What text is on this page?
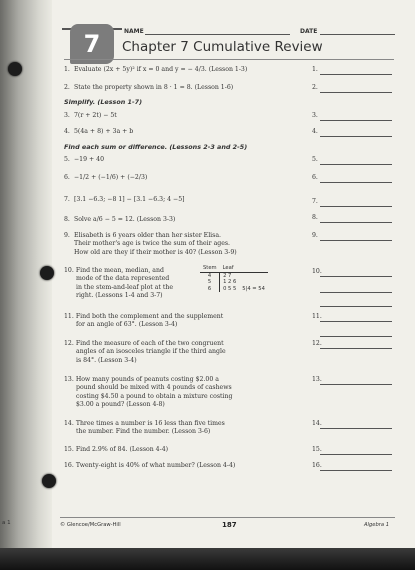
7	NAME	DATE
Chapter 7 Cumulative Review
1. Evaluate (2x + 5y)² if x = 0 and y = − 4/3. (Lesson 1-3)	1.
2. State the property shown in 8 · 1 = 8. (Lesson 1-6)	2.
Simplify. (Lesson 1-7)
3. 7(r + 2t) − 5t	3.
4. 5(4a + 8) + 3a + b	4.
Find each sum or difference. (Lessons 2-3 and 2-5)
5. −19 + 40	5.
6. −1/2 + (−1/6) + (−2/3)	6.
7. [3.1 −6.3; −8 1] − [3.1 −6.3; 4 −5]	7.
8. Solve a/6 − 5 = 12. (Lesson 3-3)	8.
9. Elisabeth is 6 years older than her sister Elisa.
Their mother's age is twice the sum of their ages.
How old are they if their mother is 40? (Lesson 3-9)
9.
10. Find the mean, median, and
mode of the data represented
in the stem-and-leaf plot at the
right. (Lessons 1-4 and 3-7)
Stem	Leaf	
4	2 7	
5	1 2 6	
6	0 5 5	5|4 = 54
10.
11. Find both the complement and the supplement
for an angle of 63°. (Lesson 3-4)
11.
12. Find the measure of each of the two congruent
angles of an isosceles triangle if the third angle
is 84°. (Lesson 3-4)
12.
13. How many pounds of peanuts costing $2.00 a
pound should be mixed with 4 pounds of cashews
costing $4.50 a pound to obtain a mixture costing
$3.00 a pound? (Lesson 4-8)
13.
14. Three times a number is 16 less than five times
the number. Find the number. (Lesson 3-6)
14.
15. Find 2.9% of 84. (Lesson 4-4)	15.
16. Twenty-eight is 40% of what number? (Lesson 4-4)	16.
© Glencoe/McGraw-Hill	187	Algebra 1
a 1
